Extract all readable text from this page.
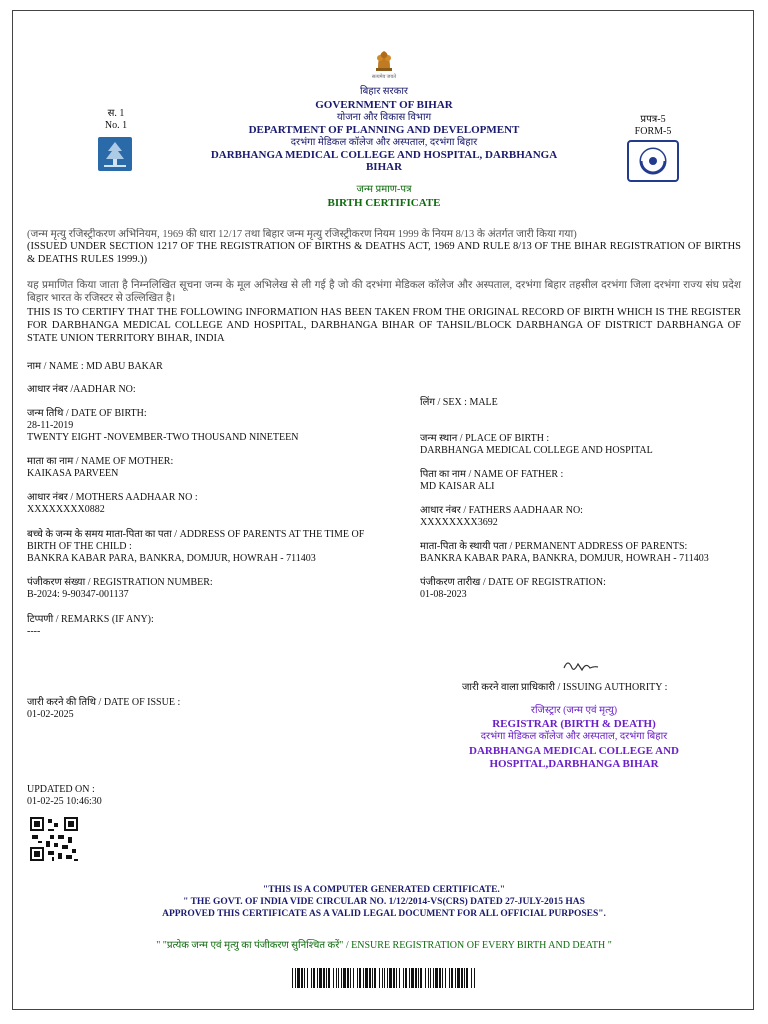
सत्यमेव जयते
बिहार सरकार
GOVERNMENT OF BIHAR
योजना और विकास विभाग
DEPARTMENT OF PLANNING AND DEVELOPMENT
दरभंगा मेडिकल कॉलेज और अस्पताल, दरभंगा बिहार
DARBHANGA MEDICAL COLLEGE AND HOSPITAL, DARBHANGA
BIHAR
जन्म प्रमाण-पत्र
BIRTH CERTIFICATE
स. 1
No. 1
प्रपत्र-5
FORM-5
(जन्म मृत्यु रजिस्ट्रीकरण अभिनियम, 1969 की धारा 12/17 तथा बिहार जन्म मृत्यु रजिस्ट्रीकरण नियम 1999 के नियम 8/13 के अंतर्गत जारी किया गया)
(ISSUED UNDER SECTION 1217 OF THE REGISTRATION OF BIRTHS & DEATHS ACT, 1969 AND RULE 8/13 OF THE BIHAR REGISTRATION OF BIRTHS & DEATHS RULES 1999.))
यह प्रमाणित किया जाता है निम्नलिखित सूचना जन्म के मूल अभिलेख से ली गई है जो की दरभंगा मेडिकल कॉलेज और अस्पताल, दरभंगा बिहार तहसील दरभंगा जिला दरभंगा राज्य संघ प्रदेश बिहार भारत के रजिस्टर से उल्लिखित है।
THIS IS TO CERTIFY THAT THE FOLLOWING INFORMATION HAS BEEN TAKEN FROM THE ORIGINAL RECORD OF BIRTH WHICH IS THE REGISTER FOR DARBHANGA MEDICAL COLLEGE AND HOSPITAL, DARBHANGA BIHAR OF TAHSIL/BLOCK DARBHANGA OF DISTRICT DARBHANGA OF STATE UNION TERRITORY BIHAR, INDIA
नाम / NAME : MD ABU BAKAR
आधार नंबर /AADHAR NO:
जन्म तिथि / DATE OF BIRTH:
28-11-2019
TWENTY EIGHT -NOVEMBER-TWO THOUSAND NINETEEN
माता का नाम / NAME OF MOTHER:
KAIKASA PARVEEN
आधार नंबर / MOTHERS AADHAAR NO :
XXXXXXXX0882
बच्चे के जन्म के समय माता-पिता का पता / ADDRESS OF PARENTS AT THE TIME OF
BIRTH OF THE CHILD :
BANKRA KABAR PARA, BANKRA, DOMJUR, HOWRAH - 711403
पंजीकरण संख्या / REGISTRATION NUMBER:
B-2024: 9-90347-001137
टिप्पणी / REMARKS (IF ANY):
----
जारी करने की तिथि / DATE OF ISSUE :
01-02-2025
UPDATED ON :
01-02-25 10:46:30
लिंग / SEX : MALE
जन्म स्थान / PLACE OF BIRTH :
DARBHANGA MEDICAL COLLEGE AND HOSPITAL
पिता का नाम / NAME OF FATHER :
MD KAISAR ALI
आधार नंबर / FATHERS AADHAAR NO:
XXXXXXXX3692
माता-पिता के स्थायी पता / PERMANENT ADDRESS OF PARENTS:
BANKRA KABAR PARA, BANKRA, DOMJUR, HOWRAH - 711403
पंजीकरण तारीख / DATE OF REGISTRATION:
01-08-2023
जारी करने वाला प्राधिकारी / ISSUING AUTHORITY :
रजिस्ट्रार (जन्म एवं मृत्यु)
REGISTRAR (BIRTH & DEATH)
दरभंगा मेडिकल कॉलेज और अस्पताल, दरभंगा बिहार
DARBHANGA MEDICAL COLLEGE AND
HOSPITAL,DARBHANGA BIHAR
"THIS IS A COMPUTER GENERATED CERTIFICATE."
" THE GOVT. OF INDIA VIDE CIRCULAR NO. 1/12/2014-VS(CRS) DATED 27-JULY-2015 HAS
APPROVED THIS CERTIFICATE AS A VALID LEGAL DOCUMENT FOR ALL OFFICIAL PURPOSES".
" "प्रत्येक जन्म एवं मृत्यु का पंजीकरण सुनिश्चित करें" / ENSURE REGISTRATION OF EVERY BIRTH AND DEATH "
